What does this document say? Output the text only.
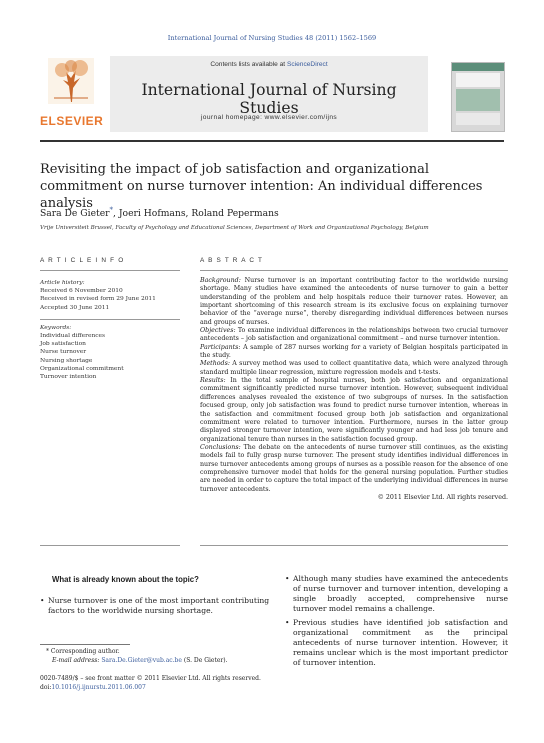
International Journal of Nursing Studies 48 (2011) 1562–1569
ELSEVIER
Contents lists available at ScienceDirect
International Journal of Nursing Studies
journal homepage: www.elsevier.com/ijns
Revisiting the impact of job satisfaction and organizational commitment on nurse turnover intention: An individual differences analysis
Sara De Gieter*, Joeri Hofmans, Roland Pepermans
Vrije Universiteit Brussel, Faculty of Psychology and Educational Sciences, Department of Work and Organizational Psychology, Belgium
A R T I C L E I N F O	A B S T R A C T
Article history:
Received 6 November 2010
Received in revised form 29 June 2011
Accepted 30 June 2011
Keywords:
Individual differences
Job satisfaction
Nurse turnover
Nursing shortage
Organizational commitment
Turnover intention

Background: Nurse turnover is an important contributing factor to the worldwide nursing shortage. Many studies have examined the antecedents of nurse turnover to gain a better understanding of the problem and help hospitals reduce their turnover rates. However, an important shortcoming of this research stream is its exclusive focus on explaining turnover behavior of the “average nurse”, thereby disregarding individual differences between nurses and groups of nurses.

Objectives: To examine individual differences in the relationships between two crucial turnover antecedents – job satisfaction and organizational commitment – and nurse turnover intention.

Participants: A sample of 287 nurses working for a variety of Belgian hospitals participated in the study.

Methods: A survey method was used to collect quantitative data, which were analyzed through standard multiple linear regression, mixture regression models and t-tests.

Results: In the total sample of hospital nurses, both job satisfaction and organizational commitment significantly predicted nurse turnover intention. However, subsequent individual differences analyses revealed the existence of two subgroups of nurses. In the satisfaction focused group, only job satisfaction was found to predict nurse turnover intention, whereas in the satisfaction and commitment focused group both job satisfaction and organizational commitment were related to turnover intention. Furthermore, nurses in the latter group displayed stronger turnover intention, were significantly younger and had less job tenure and organizational tenure than nurses in the satisfaction focused group.

Conclusions: The debate on the antecedents of nurse turnover still continues, as the existing models fail to fully grasp nurse turnover. The present study identifies individual differences in nurse turnover antecedents among groups of nurses as a possible reason for the absence of one comprehensive turnover model that holds for the general nursing population. Further studies are needed in order to capture the total impact of the underlying individual differences in nurse turnover antecedents.

© 2011 Elsevier Ltd. All rights reserved.

What is already known about the topic?
• Nurse turnover is one of the most important contributing factors to the worldwide nursing shortage.
• Although many studies have examined the antecedents of nurse turnover and turnover intention, developing a single broadly accepted, comprehensive nurse turnover model remains a challenge.
• Previous studies have identified job satisfaction and organizational commitment as the principal antecedents of nurse turnover intention. However, it remains unclear which is the most important predictor of turnover intention.
* Corresponding author.
E-mail address: Sara.De.Gieter@vub.ac.be (S. De Gieter).
0020-7489/$ – see front matter © 2011 Elsevier Ltd. All rights reserved.
doi:10.1016/j.ijnurstu.2011.06.007
